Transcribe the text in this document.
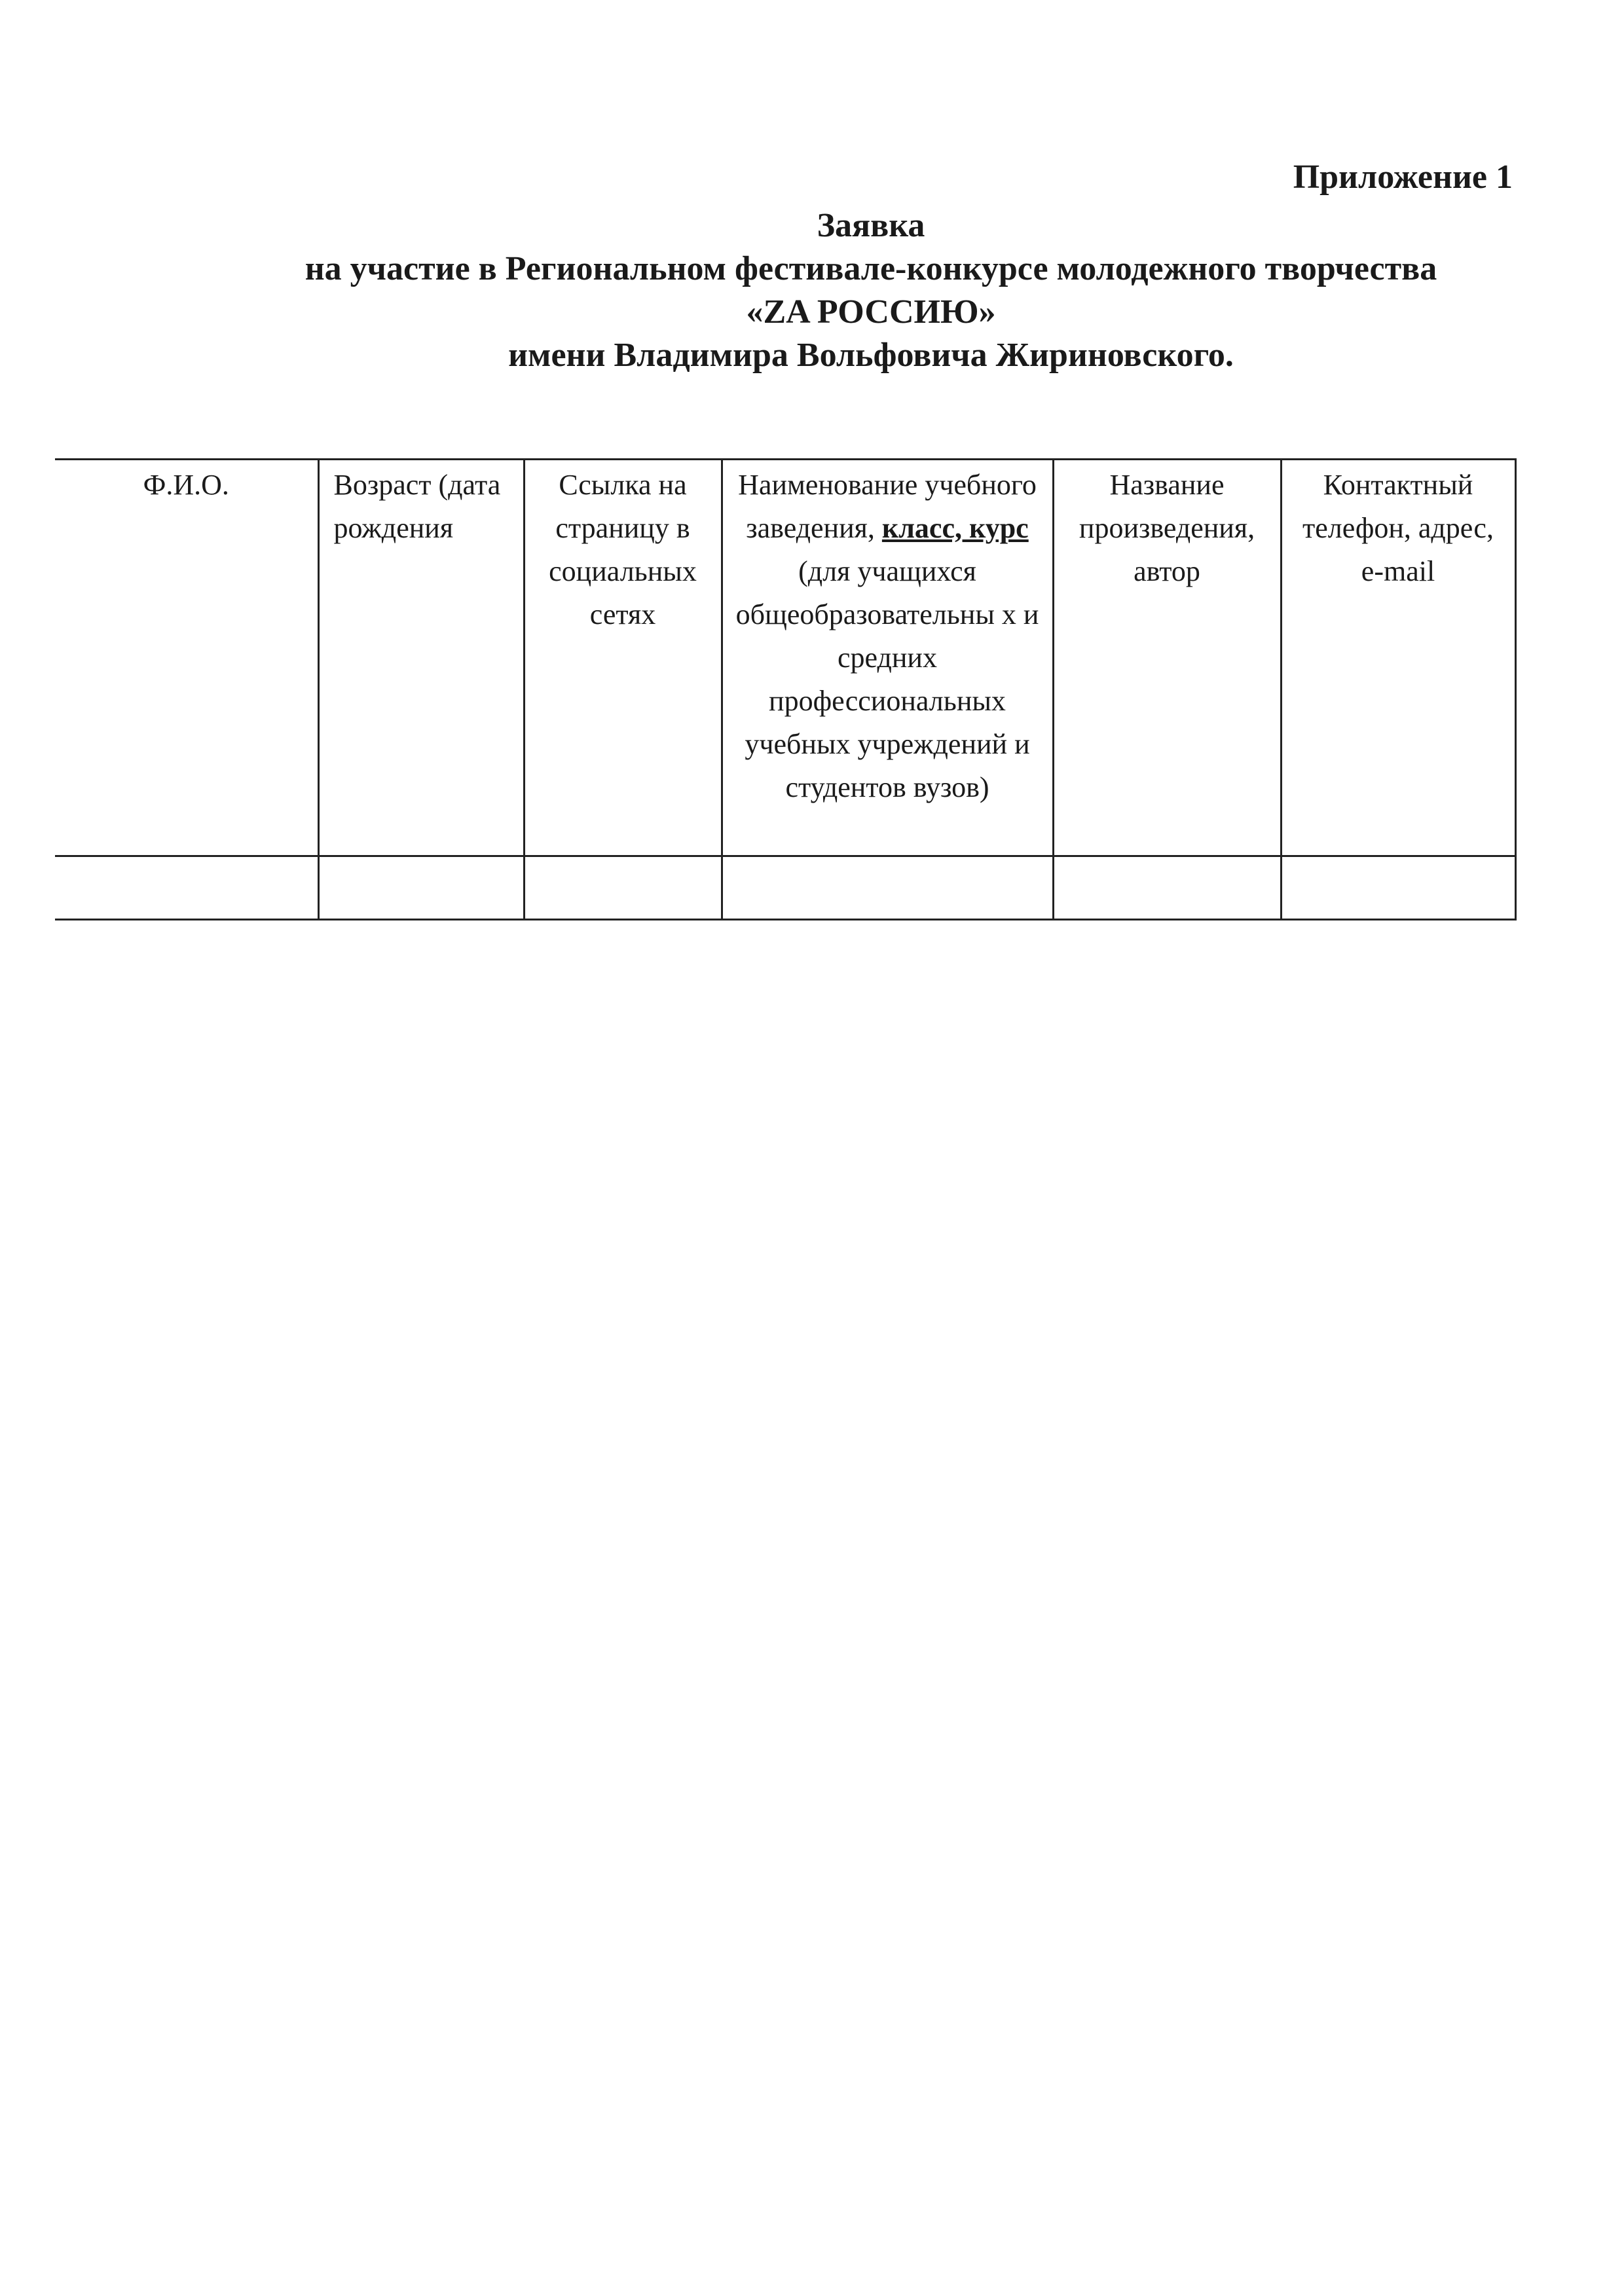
Приложение 1
Заявка
на участие в Региональном фестивале-конкурсе молодежного творчества
«ZA РОССИЮ»
имени Владимира Вольфовича Жириновского.
Ф.И.О.	Возраст (дата рождения	Ссылка на страницу в социальных сетях	Наименование учебного заведения, класс, курс (для учащихся общеобразовательны х и средних профессиональных учебных учреждений и студентов вузов)	Название произведения, автор	Контактный телефон, адрес, e-mail
